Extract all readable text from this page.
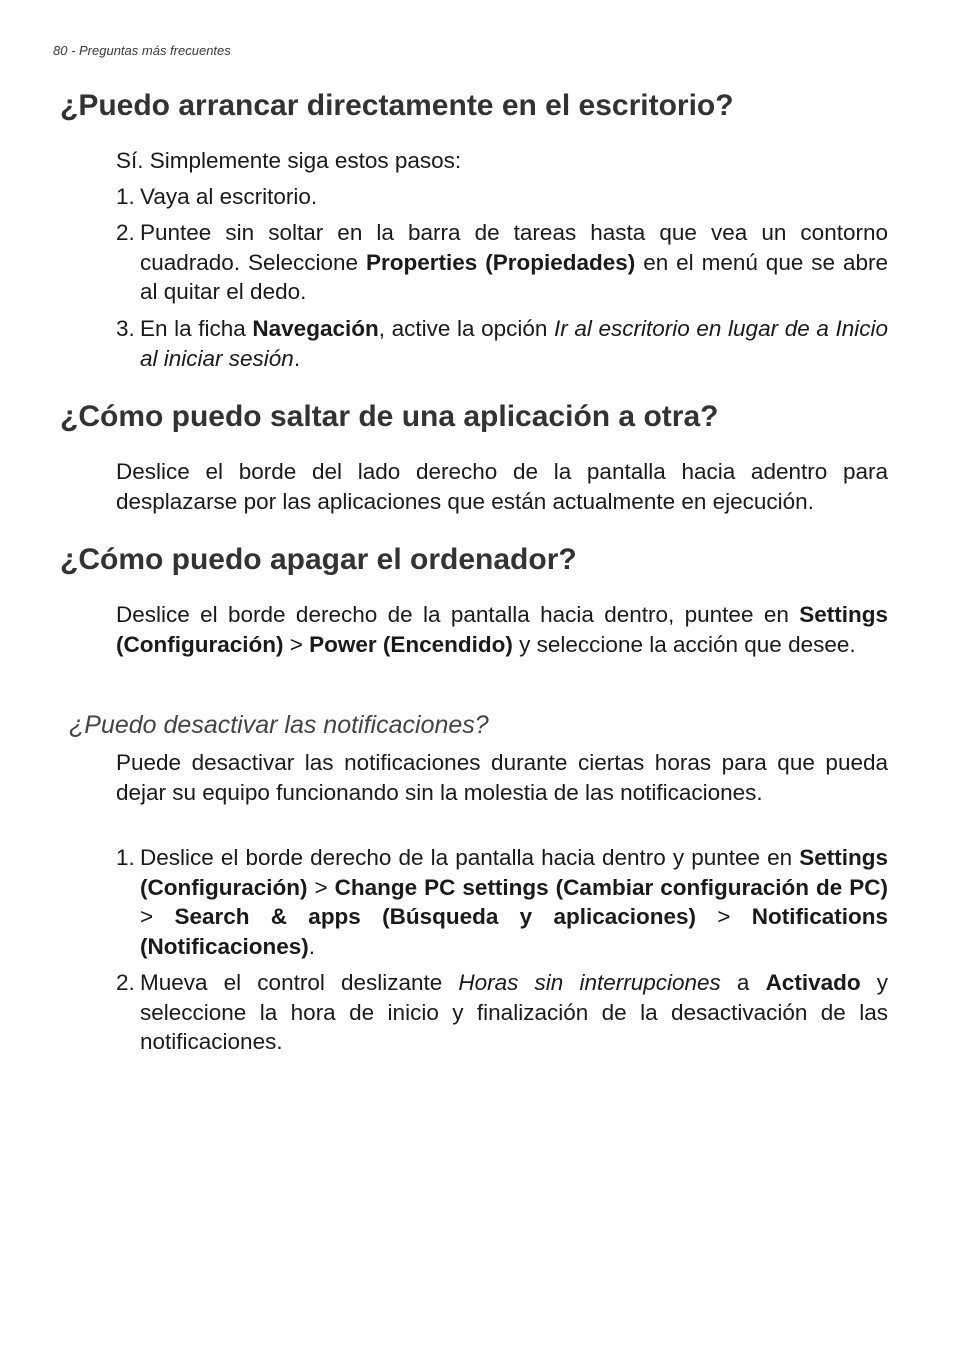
80 - Preguntas más frecuentes
¿Puedo arrancar directamente en el escritorio?

Sí. Simplemente siga estos pasos:

1. Vaya al escritorio.
2. Puntee sin soltar en la barra de tareas hasta que vea un contorno cuadrado. Seleccione Properties (Propiedades) en el menú que se abre al quitar el dedo.
3. En la ficha Navegación, active la opción Ir al escritorio en lugar de a Inicio al iniciar sesión.
¿Cómo puedo saltar de una aplicación a otra?

Deslice el borde del lado derecho de la pantalla hacia adentro para desplazarse por las aplicaciones que están actualmente en ejecución.

¿Cómo puedo apagar el ordenador?

Deslice el borde derecho de la pantalla hacia dentro, puntee en Settings (Configuración) > Power (Encendido) y seleccione la acción que desee.

¿Puedo desactivar las notificaciones?

Puede desactivar las notificaciones durante ciertas horas para que pueda dejar su equipo funcionando sin la molestia de las notificaciones.

1. Deslice el borde derecho de la pantalla hacia dentro y puntee en Settings (Configuración) > Change PC settings (Cambiar configuración de PC) > Search & apps (Búsqueda y aplicaciones) > Notifications (Notificaciones).
2. Mueva el control deslizante Horas sin interrupciones a Activado y seleccione la hora de inicio y finalización de la desactivación de las notificaciones.
